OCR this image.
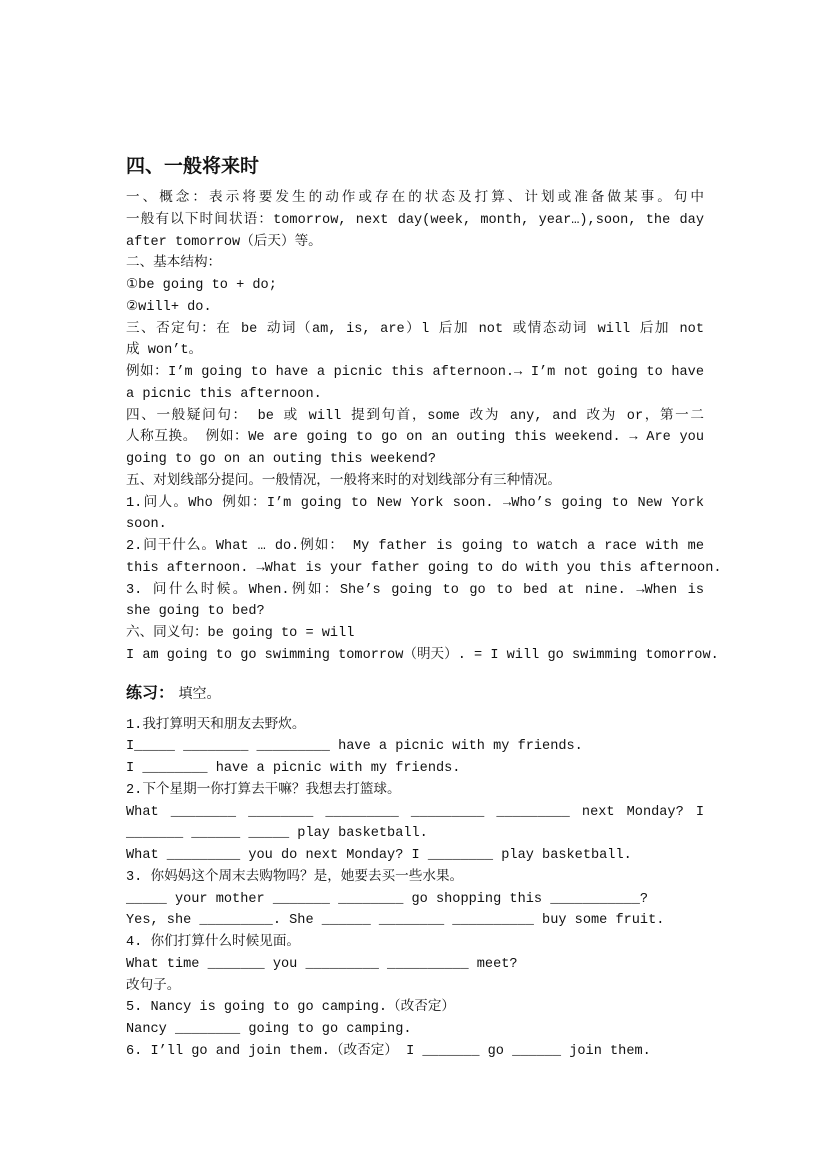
四、一般将来时
一、概念：表示将要发生的动作或存在的状态及打算、计划或准备做某事。句中
一般有以下时间状语：tomorrow, next day(week, month, year…),soon, the day
after tomorrow（后天）等。
二、基本结构：
①be going to + do;
②will+ do.
三、否定句：在 be 动词（am, is, are）l 后加 not 或情态动词 will 后加 not
成 won’t。
例如：I’m going to have a picnic this afternoon.→ I’m not going to have
a picnic this afternoon.
四、一般疑问句： be 或 will 提到句首，some 改为 any, and 改为 or，第一二
人称互换。 例如：We are going to go on an outing this weekend. → Are you
going to go on an outing this weekend?
五、对划线部分提问。一般情况，一般将来时的对划线部分有三种情况。
1.问人。Who 例如：I’m going to New York soon. →Who’s going to New York
soon.
2.问干什么。What … do.例如： My father is going to watch a race with me
this afternoon. →What is your father going to do with you this afternoon.
3. 问什么时候。When.例如：She’s going to go to bed at nine. →When is
she going to bed?
六、同义句：be going to = will
I am going to go swimming tomorrow（明天）. = I will go swimming tomorrow.
练习： 填空。
1.我打算明天和朋友去野炊。
I_____ ________ _________ have a picnic with my friends.
I ________ have a picnic with my friends.
2.下个星期一你打算去干嘛？我想去打篮球。
What ________ ________ _________ _________ _________ next Monday? I
_______ ______ _____ play basketball.
What _________ you do next Monday? I ________ play basketball.
3. 你妈妈这个周末去购物吗？是，她要去买一些水果。
_____ your mother _______ ________ go shopping this ___________?
Yes, she _________. She ______ ________ __________ buy some fruit.
4. 你们打算什么时候见面。
What time _______ you _________ __________ meet?
改句子。
5. Nancy is going to go camping.（改否定）
Nancy ________ going to go camping.
6. I’ll go and join them.（改否定） I _______ go ______ join them.
